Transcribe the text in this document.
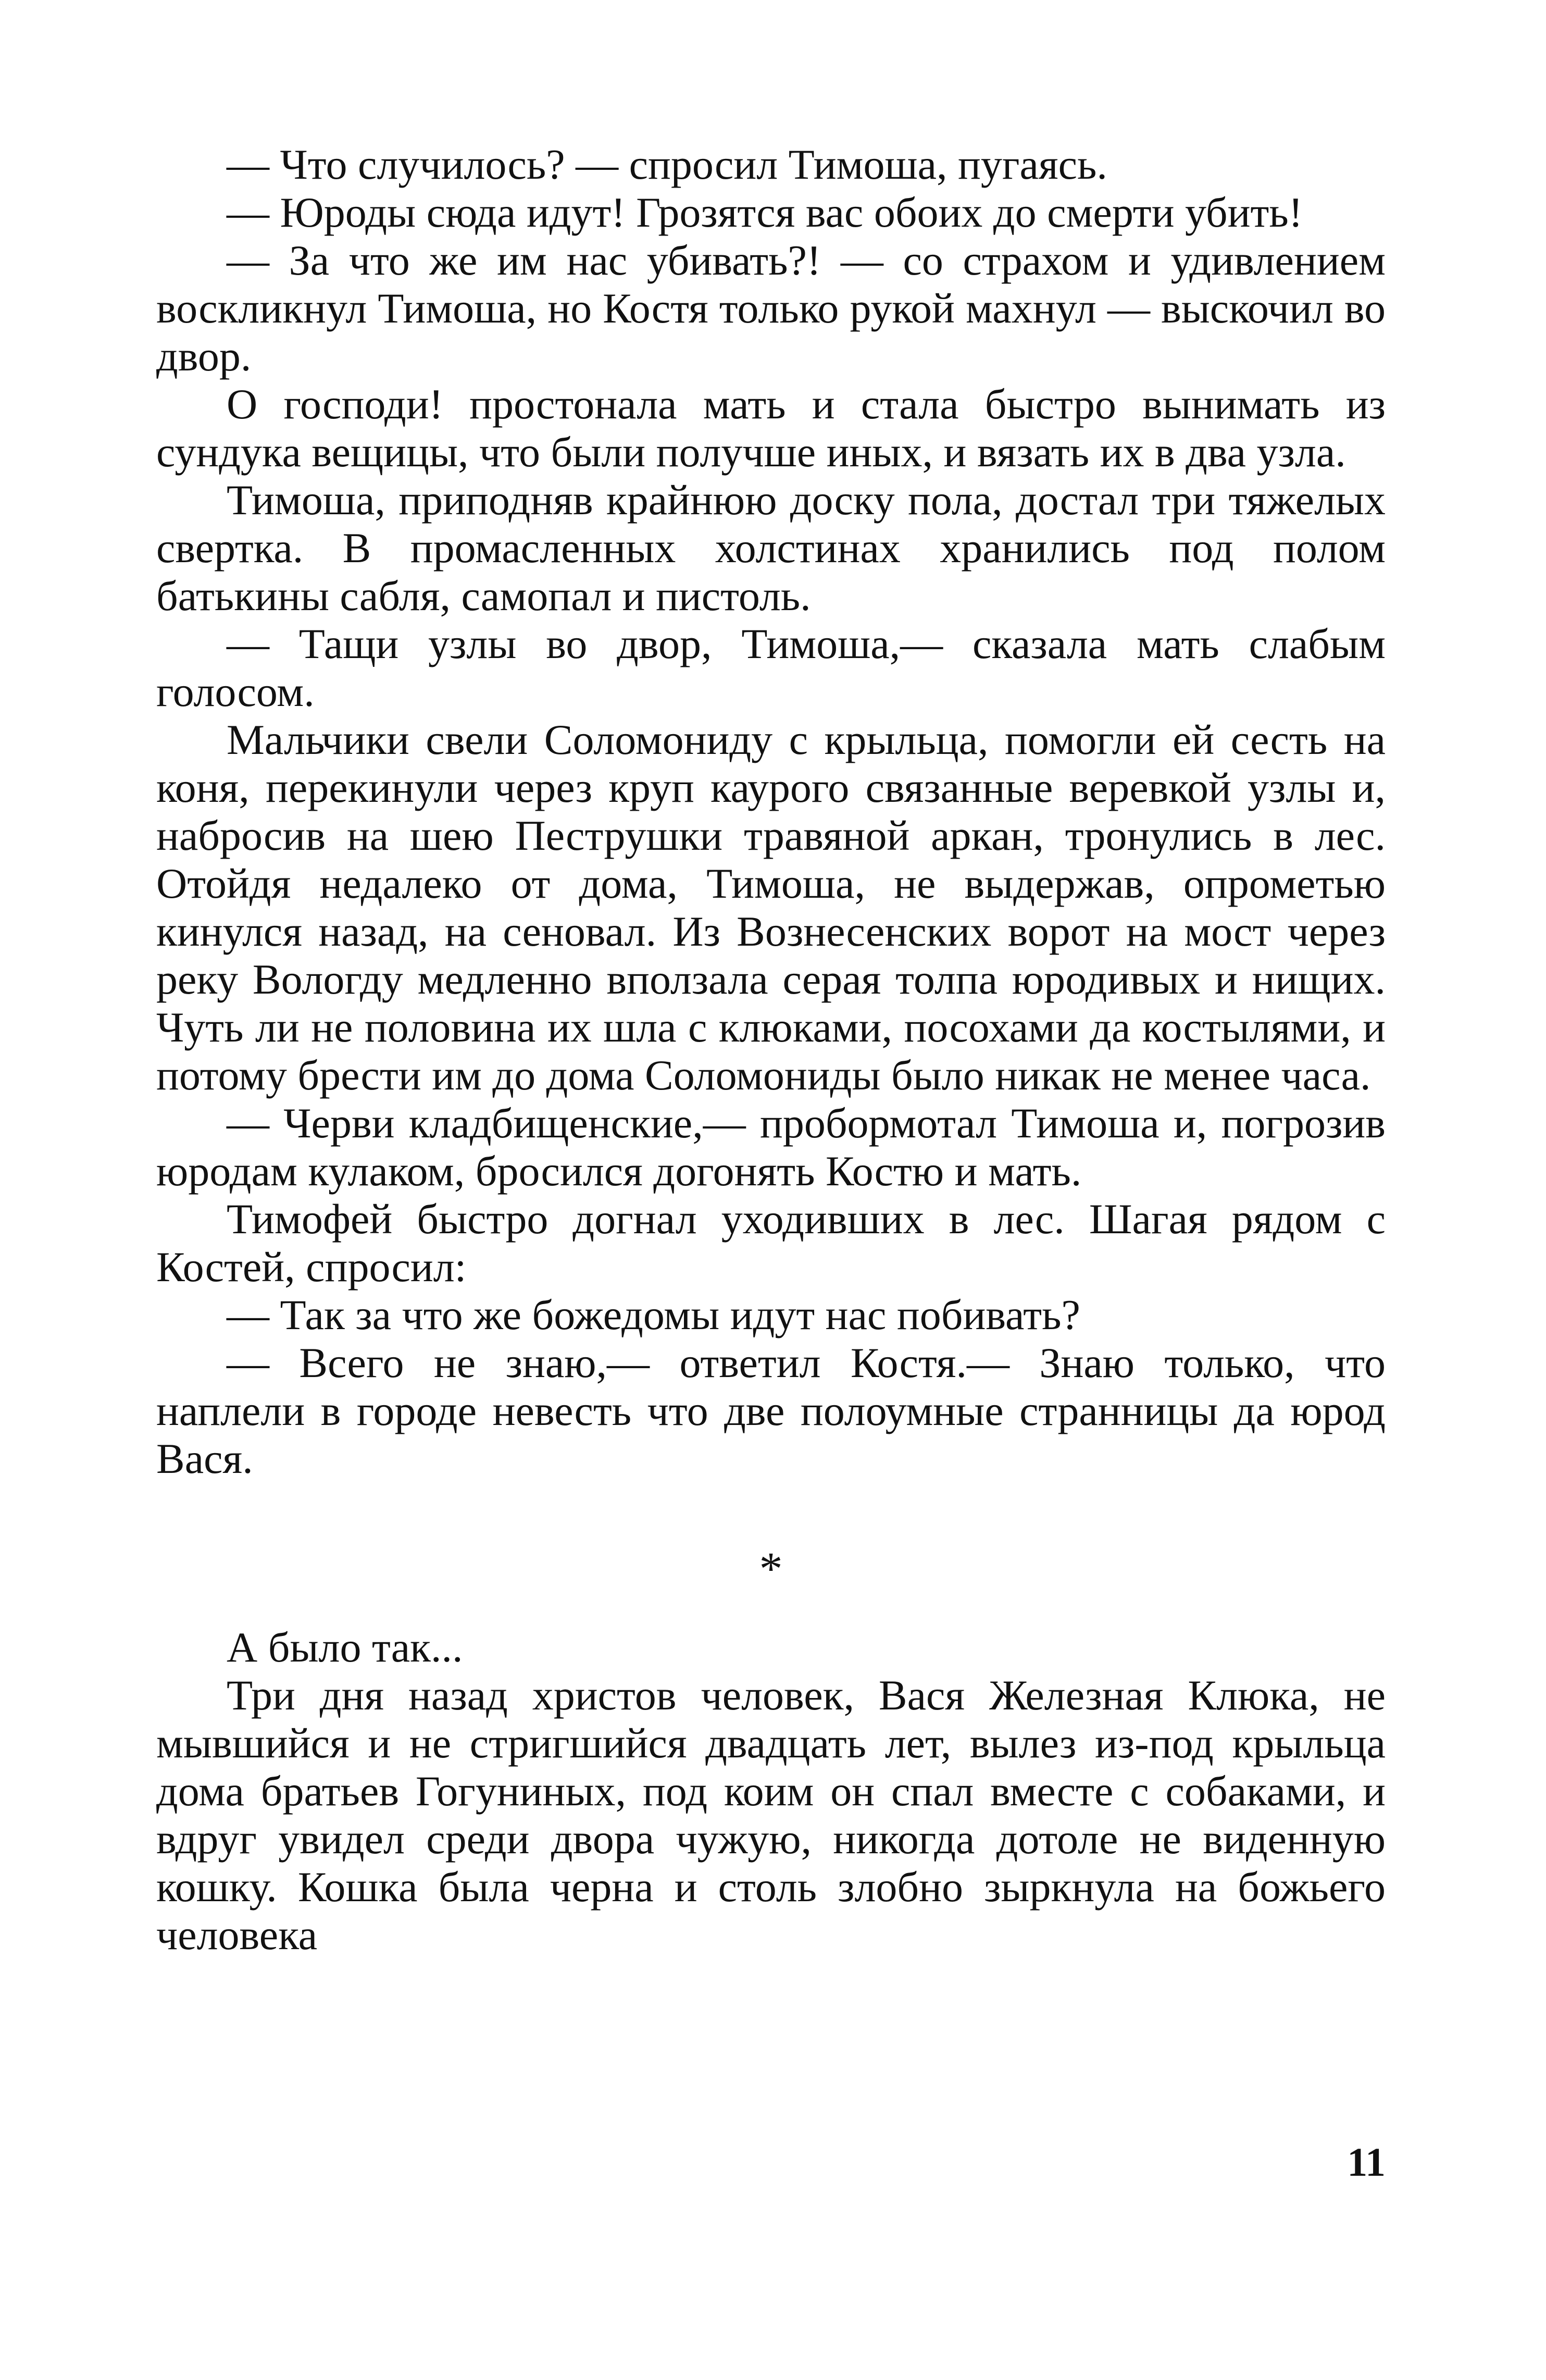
— Что случилось? — спросил Тимоша, пугаясь.

— Юроды сюда идут! Грозятся вас обоих до смерти убить!

— За что же им нас убивать?! — со страхом и удивлением воскликнул Тимоша, но Костя только рукой махнул — выскочил во двор.

О господи! простонала мать и стала быстро вынимать из сундука вещицы, что были получше иных, и вязать их в два узла.

Тимоша, приподняв крайнюю доску пола, достал три тяжелых свертка. В промасленных холстинах хранились под полом батькины сабля, самопал и пистоль.

— Тащи узлы во двор, Тимоша,— сказала мать слабым голосом.

Мальчики свели Соломониду с крыльца, помогли ей сесть на коня, перекинули через круп каурого связанные веревкой узлы и, набросив на шею Пеструшки травяной аркан, тронулись в лес. Отойдя недалеко от дома, Тимоша, не выдержав, опрометью кинулся назад, на сеновал. Из Вознесенских ворот на мост через реку Вологду медленно вползала серая толпа юродивых и нищих. Чуть ли не половина их шла с клюками, посохами да костылями, и потому брести им до дома Соломониды было никак не менее часа.

— Черви кладбищенские,— пробормотал Тимоша и, погрозив юродам кулаком, бросился догонять Костю и мать.

Тимофей быстро догнал уходивших в лес. Шагая рядом с Костей, спросил:

— Так за что же божедомы идут нас побивать?

— Всего не знаю,— ответил Костя.— Знаю только, что наплели в городе невесть что две полоумные странницы да юрод Вася.

*

А было так...

Три дня назад христов человек, Вася Железная Клюка, не мывшийся и не стригшийся двадцать лет, вылез из-под крыльца дома братьев Гогуниных, под коим он спал вместе с собаками, и вдруг увидел среди двора чужую, никогда дотоле не виденную кошку. Кошка была черна и столь злобно зыркнула на божьего человека

11
